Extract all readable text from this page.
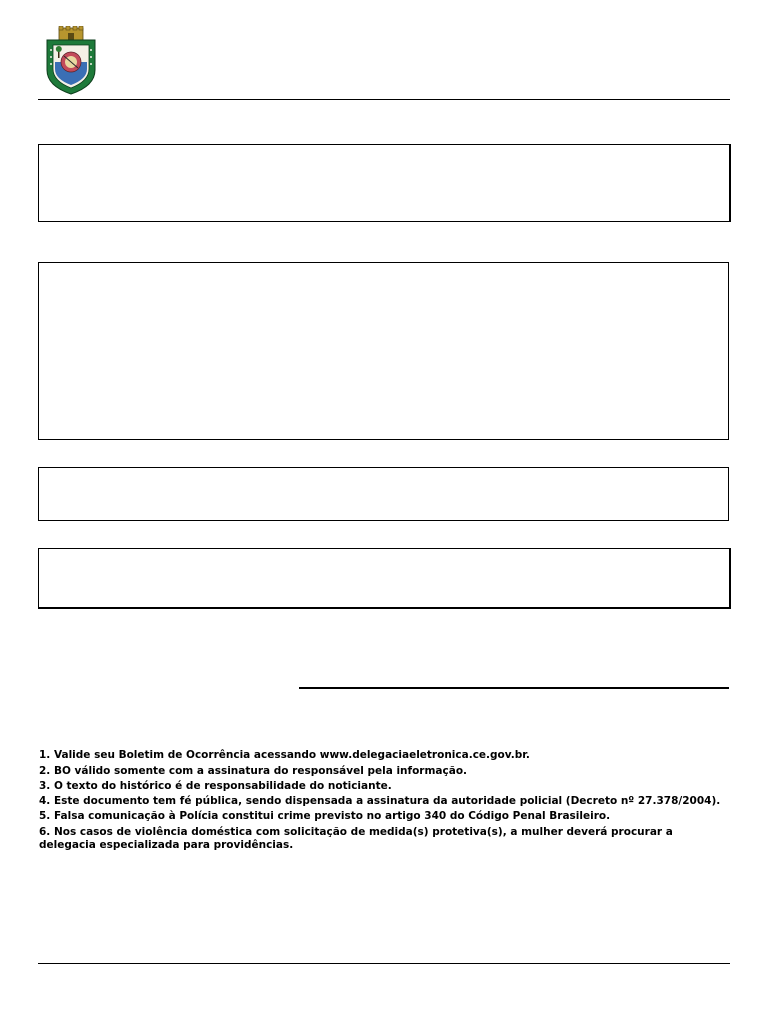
1. Valide seu Boletim de Ocorrência acessando www.delegaciaeletronica.ce.gov.br.
2. BO válido somente com a assinatura do responsável pela informação.
3. O texto do histórico é de responsabilidade do noticiante.
4. Este documento tem fé pública, sendo dispensada a assinatura da autoridade policial (Decreto nº 27.378/2004).
5. Falsa comunicação à Polícia constitui crime previsto no artigo 340 do Código Penal Brasileiro.
6. Nos casos de violência doméstica com solicitação de medida(s) protetiva(s), a mulher deverá procurar a delegacia especializada para providências.
